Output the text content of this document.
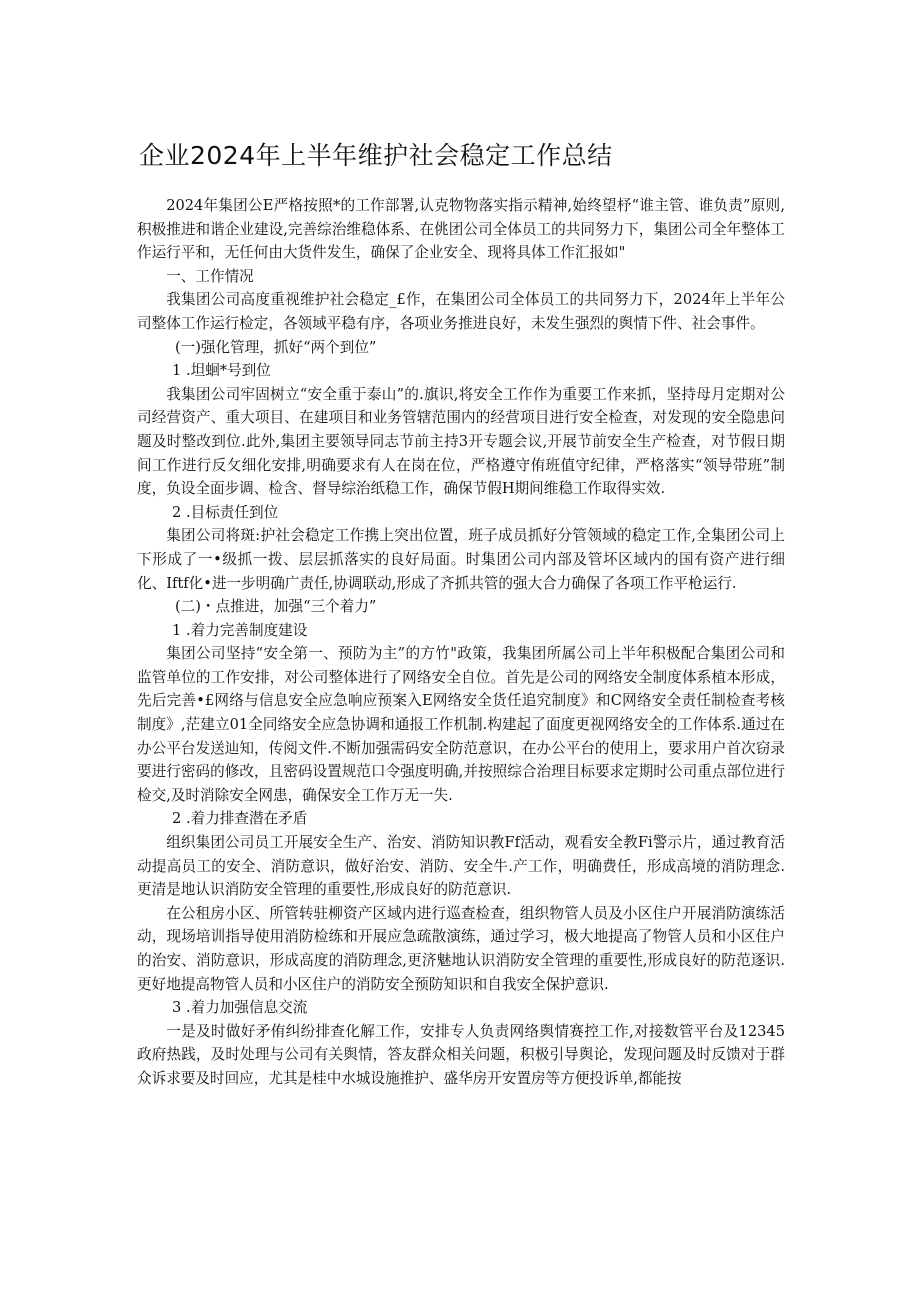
企业2024年上半年维护社会稳定工作总结

2024年集团公E严格按照*的工作部署,认克物物落实指示精神,始终望杼“谁主管、谁负责”原则,积极推进和谐企业建设,完善综治维稳体系、在佻团公司全体员工的共同努力下，集团公司全年整体工作运行平和，无任何由大货件发生，确保了企业安全、现将具体工作汇报如"

一、工作情况

我集团公司高度重视维护社会稳定_£作，在集团公司全体员工的共同努力下，2024年上半年公司整体工作运行检定，各领域平稳有序，各项业务推进良好，未发生强烈的舆情下件、社会事件。

(一)强化管理，抓好“两个到位”

1 .坦蛔*号到位

我集团公司牢固树立“安全重于泰山”的.旗识,将安全工作作为重要工作来抓，坚持母月定期对公司经营资产、重大项目、在建项目和业务管辖范围内的经营项目进行安全检查，对发现的安全隐患问题及时整改到位.此外,集团主要领导同志节前主持3开专题会议,开展节前安全生产检查，对节假日期间工作进行反攵细化安排,明确要求有人在岗在位，严格遵守侑班值守纪律，严格落实“领导带班”制度，负设全面步调、检含、督导综治纸稳工作，确保节假H期间维稳工作取得实效.

2 .目标责任到位

集团公司将斑:护社会稳定工作携上突出位置，班子成员抓好分管领域的稳定工作,全集团公司上下形成了一•级抓一拨、层层抓落实的良好局面。时集团公司内部及管坏区域内的国有资产进行细化、Iftf化•进一步明确广责任,协调联动,形成了齐抓共管的强大合力确保了各项工作平枪运行.

(二)・点推进，加强“三个着力”

1 .着力完善制度建设

集团公司坚持“安全第一、预防为主”的方竹"政策，我集团所属公司上半年积极配合集团公司和监管单位的工作安排，对公司整体进行了网络安全自位。首先是公司的网络安全制度体系植本形成，先后完善•£网络与信息安全应急响应预案入E网络安全货任追究制度》和C网络安全责任制检查考核制度》,茫建立01全同络安全应急协调和通报工作机制.构建起了面度更视网络安全的工作体系.通过在办公平台发送辿知，传阅文件.不断加强需码安全防范意识，在办公平台的使用上，要求用户首次窃录要进行密码的修改，且密码设置规范口令强度明确,并按照综合治理目标要求定期时公司重点部位进行检交,及时消除安全网患，确保安全工作万无一失.

2 .着力排查潜在矛盾

组织集团公司员工开展安全生产、治安、消防知识教Ff活动，观看安全教Fi警示片，通过教育活动提高员工的安全、消防意识，做好治安、消防、安全牛.产工作，明确费任，形成高境的消防理念.更清是地认识消防安全管理的重要性,形成良好的防范意识.

在公租房小区、所管转驻柳资产区域内进行巡查检查，组织物管人员及小区住户开展消防演练活动，现场培训指导使用消防检练和开展应急疏散演练，通过学习，极大地提高了物管人员和小区住户的治安、消防意识，形成高度的消防理念,更济魅地认识消防安全管理的重要性,形成良好的防范逐识.更好地提高物管人员和小区住户的消防安全预防知识和自我安全保护意识.

3 .着力加强信息交流

一是及时做好矛侑纠纷排查化解工作，安排专人负责网络舆情赛控工作,对接数管平台及12345政府热践，及时处理与公司有关舆情，答友群众相关问题，积极引导舆论，发现问题及时反馈对于群众诉求要及时回应，尤其是桂中水城设施推护、盛华房开安置房等方便投诉单,都能按
